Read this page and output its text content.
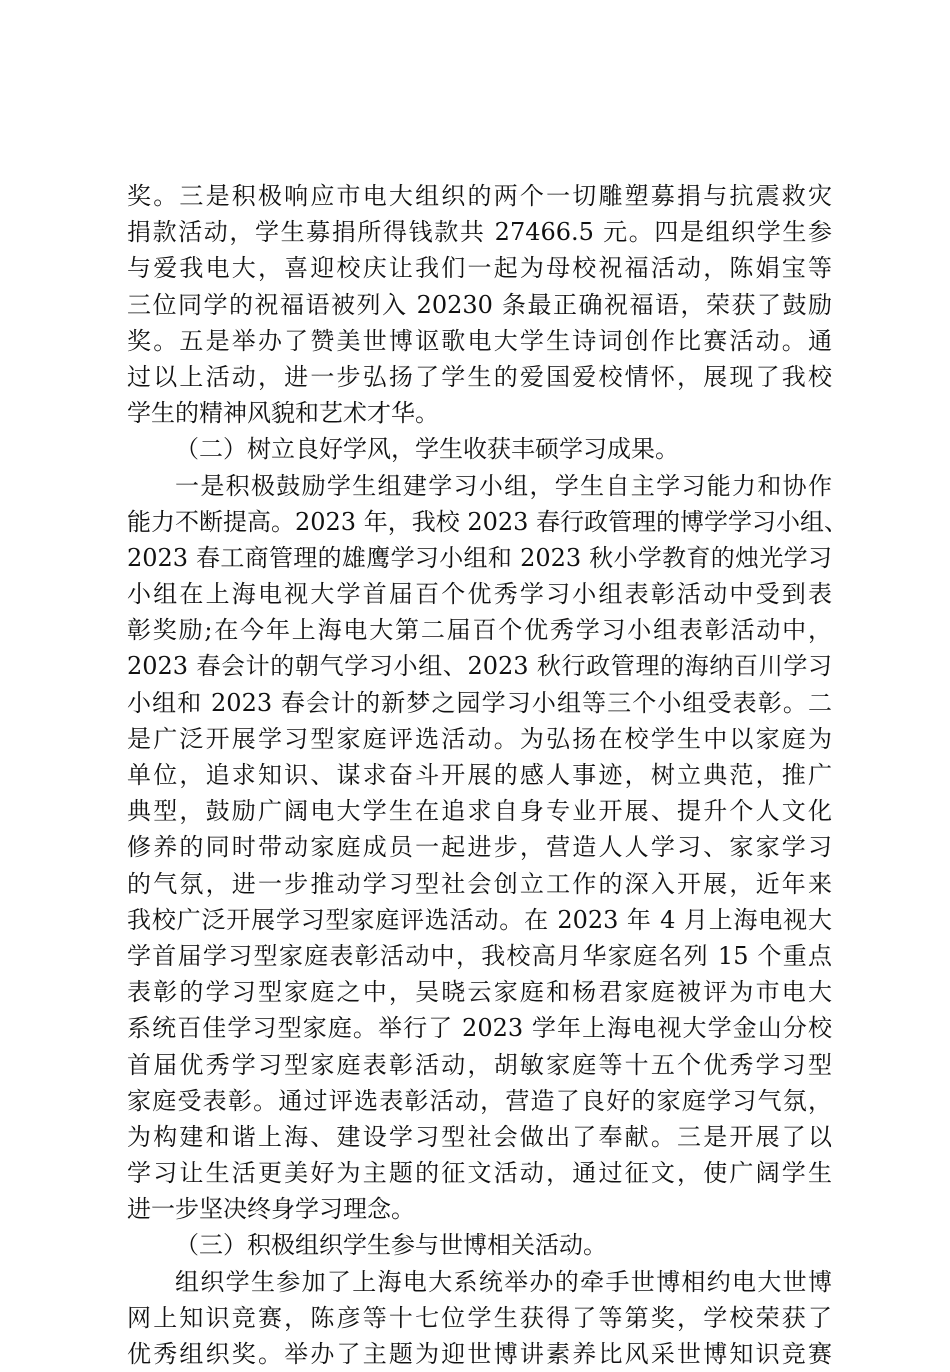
奖。三是积极响应市电大组织的两个一切雕塑募捐与抗震救灾
捐款活动，学生募捐所得钱款共 27466.5 元。四是组织学生参
与爱我电大，喜迎校庆让我们一起为母校祝福活动，陈娟宝等
三位同学的祝福语被列入 20230 条最正确祝福语，荣获了鼓励
奖。五是举办了赞美世博讴歌电大学生诗词创作比赛活动。通
过以上活动，进一步弘扬了学生的爱国爱校情怀，展现了我校
学生的精神风貌和艺术才华。
（二）树立良好学风，学生收获丰硕学习成果。
一是积极鼓励学生组建学习小组，学生自主学习能力和协作
能力不断提高。2023 年，我校 2023 春行政管理的博学学习小组、
2023 春工商管理的雄鹰学习小组和 2023 秋小学教育的烛光学习
小组在上海电视大学首届百个优秀学习小组表彰活动中受到表
彰奖励;在今年上海电大第二届百个优秀学习小组表彰活动中，
2023 春会计的朝气学习小组、2023 秋行政管理的海纳百川学习
小组和 2023 春会计的新梦之园学习小组等三个小组受表彰。二
是广泛开展学习型家庭评选活动。为弘扬在校学生中以家庭为
单位，追求知识、谋求奋斗开展的感人事迹，树立典范，推广
典型，鼓励广阔电大学生在追求自身专业开展、提升个人文化
修养的同时带动家庭成员一起进步，营造人人学习、家家学习
的气氛，进一步推动学习型社会创立工作的深入开展，近年来
我校广泛开展学习型家庭评选活动。在 2023 年 4 月上海电视大
学首届学习型家庭表彰活动中，我校高月华家庭名列 15 个重点
表彰的学习型家庭之中，吴晓云家庭和杨君家庭被评为市电大
系统百佳学习型家庭。举行了 2023 学年上海电视大学金山分校
首届优秀学习型家庭表彰活动，胡敏家庭等十五个优秀学习型
家庭受表彰。通过评选表彰活动，营造了良好的家庭学习气氛，
为构建和谐上海、建设学习型社会做出了奉献。三是开展了以
学习让生活更美好为主题的征文活动，通过征文，使广阔学生
进一步坚决终身学习理念。
（三）积极组织学生参与世博相关活动。
组织学生参加了上海电大系统举办的牵手世博相约电大世博
网上知识竞赛，陈彦等十七位学生获得了等第奖，学校荣获了
优秀组织奖。举办了主题为迎世博讲素养比风采世博知识竞赛
